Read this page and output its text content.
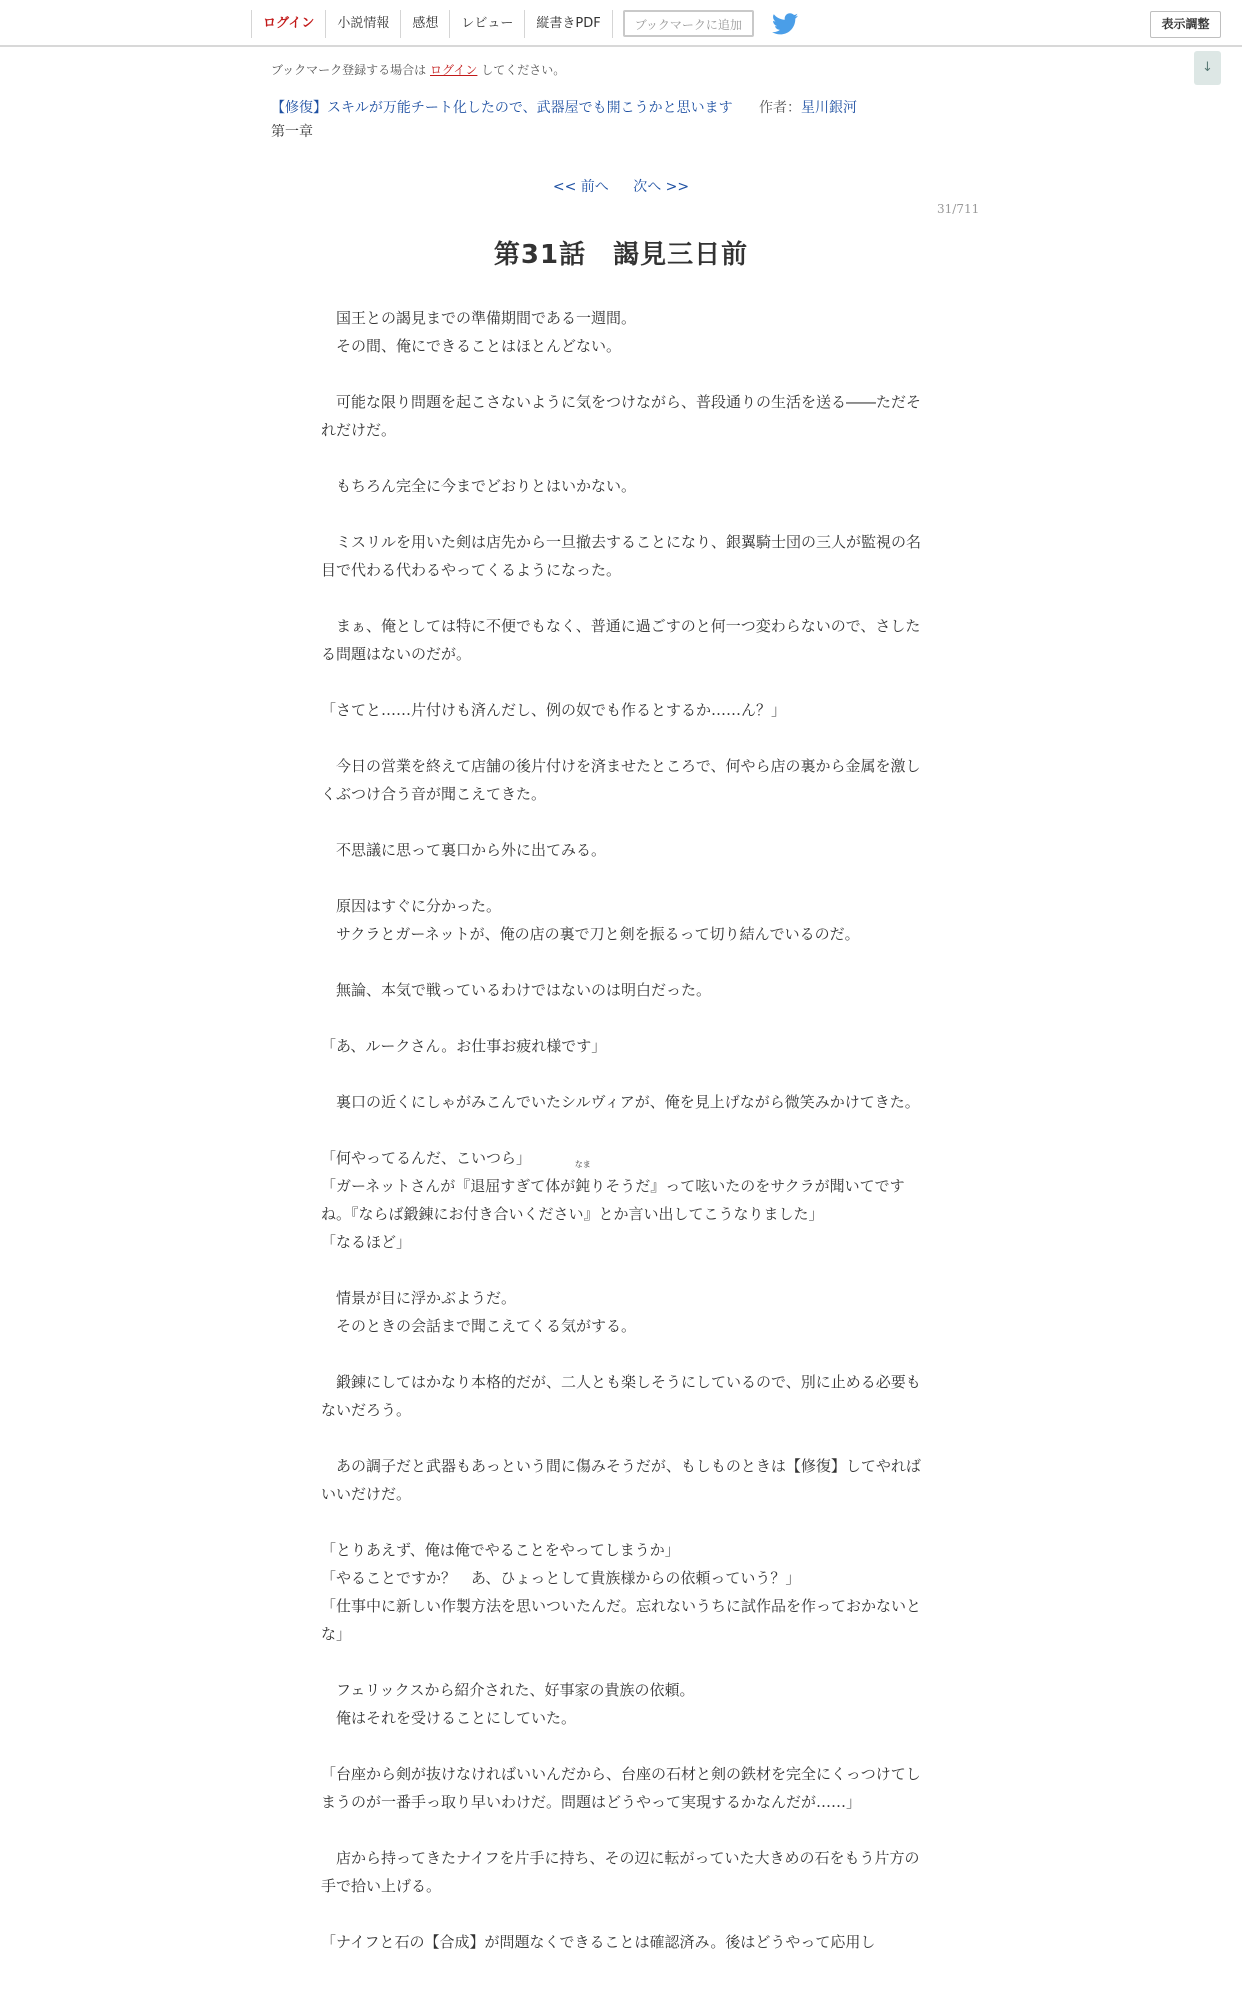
ログイン	小説情報	感想	レビュー	縦書きPDF	ブックマークに追加	表示調整
↓
ブックマーク登録する場合は ログイン してください。
【修復】スキルが万能チート化したので、武器屋でも開こうかと思います 作者：星川銀河
第一章
<< 前へ 次へ >>
31/711
第31話　謁見三日前

　国王との謁見までの準備期間である一週間。

　その間、俺にできることはほとんどない。

　可能な限り問題を起こさないように気をつけながら、普段通りの生活を送る――ただそれだけだ。

　もちろん完全に今までどおりとはいかない。

　ミスリルを用いた剣は店先から一旦撤去することになり、銀翼騎士団の三人が監視の名目で代わる代わるやってくるようになった。

　まぁ、俺としては特に不便でもなく、普通に過ごすのと何一つ変わらないので、さしたる問題はないのだが。

「さてと……片付けも済んだし、例の奴でも作るとするか……ん？」

　今日の営業を終えて店舗の後片付けを済ませたところで、何やら店の裏から金属を激しくぶつけ合う音が聞こえてきた。

　不思議に思って裏口から外に出てみる。

　原因はすぐに分かった。

　サクラとガーネットが、俺の店の裏で刀と剣を振るって切り結んでいるのだ。

　無論、本気で戦っているわけではないのは明白だった。

「あ、ルークさん。お仕事お疲れ様です」

　裏口の近くにしゃがみこんでいたシルヴィアが、俺を見上げながら微笑みかけてきた。

「何やってるんだ、こいつら」

「ガーネットさんが『退屈すぎて体が鈍
なま
りそうだ』って呟いたのをサクラが聞いてですね。『ならば鍛錬にお付き合いください』とか言い出してこうなりました」

「なるほど」

　情景が目に浮かぶようだ。

　そのときの会話まで聞こえてくる気がする。

　鍛錬にしてはかなり本格的だが、二人とも楽しそうにしているので、別に止める必要もないだろう。

　あの調子だと武器もあっという間に傷みそうだが、もしものときは【修復】してやればいいだけだ。

「とりあえず、俺は俺でやることをやってしまうか」

「やることですか？　あ、ひょっとして貴族様からの依頼っていう？」

「仕事中に新しい作製方法を思いついたんだ。忘れないうちに試作品を作っておかないとな」

　フェリックスから紹介された、好事家の貴族の依頼。

　俺はそれを受けることにしていた。

「台座から剣が抜けなければいいんだから、台座の石材と剣の鉄材を完全にくっつけてしまうのが一番手っ取り早いわけだ。問題はどうやって実現するかなんだが……」

　店から持ってきたナイフを片手に持ち、その辺に転がっていた大きめの石をもう片方の手で拾い上げる。

「ナイフと石の【合成】が問題なくできることは確認済み。後はどうやって応用し
